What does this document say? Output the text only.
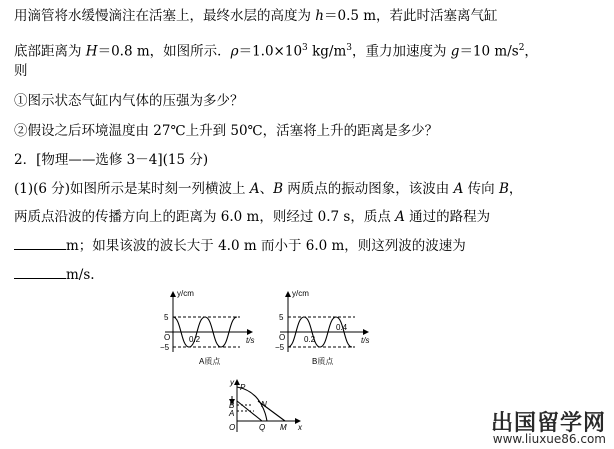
用滴管将水缓慢滴注在活塞上，最终水层的高度为 h＝0.5 m，若此时活塞离气缸
底部距离为 H＝0.8 m，如图所示．$\rho=1.0\times 10^3$ $kg/m^3$，重力加速度为 g＝10 $m/s^2$，
则
①图示状态气缸内气体的压强为多少？
②假设之后环境温度由 27℃上升到 50℃，活塞将上升的距离是多少？
2．[物理——选修 3－4](15 分)
(1)(6 分)如图所示是某时刻一列横波上 A、B 两质点的振动图象，该波由 A 传向 B，
两质点沿波的传播方向上的距离为 6.0 m，则经过 0.7 s，质点 A 通过的路程为
m；如果该波的波长大于 4.0 m 而小于 6.0 m，则这列波的波速为
m/s.
y/cm
t/s
5
−5
O 0.2
A质点
y/cm
t/s
5
−5
O 0.2
0.4
B质点
y
x
P
B
A
N
O	Q M	出国留学网
www.liuxue86.com
